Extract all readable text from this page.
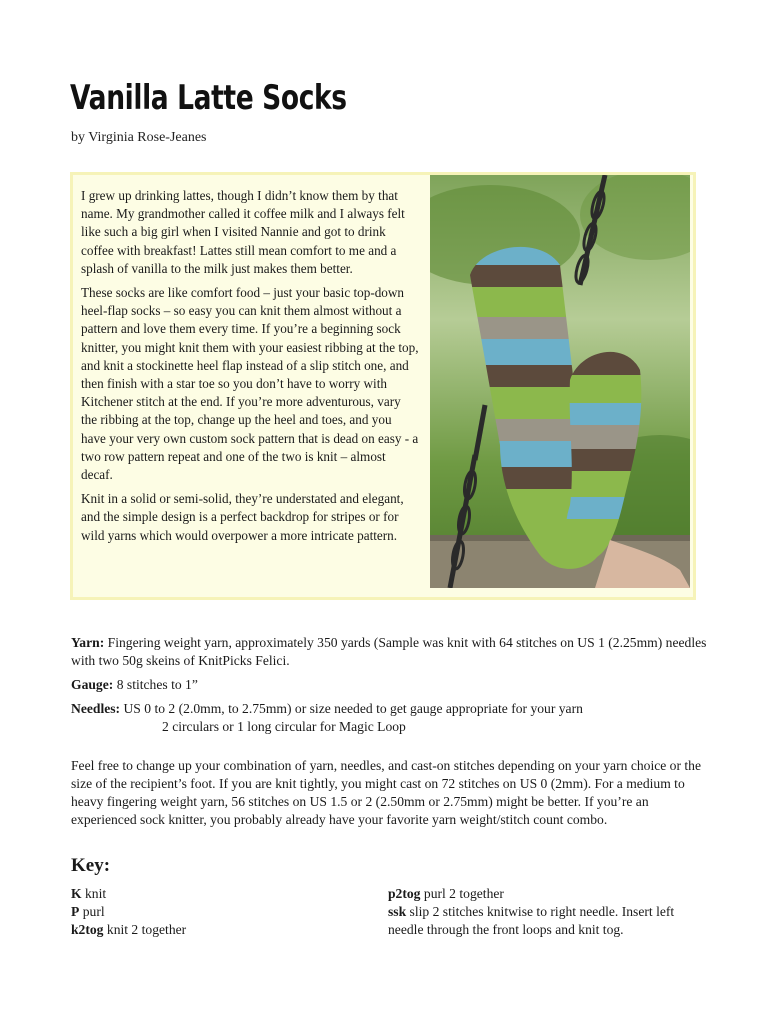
Vanilla Latte Socks

by Virginia Rose-Jeanes

I grew up drinking lattes, though I didn’t know them by that name. My grandmother called it coffee milk and I always felt like such a big girl when I visited Nannie and got to drink coffee with breakfast! Lattes still mean comfort to me and a splash of vanilla to the milk just makes them better.

These socks are like comfort food – just your basic top-down heel-flap socks – so easy you can knit them almost without a pattern and love them every time. If you’re a beginning sock knitter, you might knit them with your easiest ribbing at the top, and knit a stockinette heel flap instead of a slip stitch one, and then finish with a star toe so you don’t have to worry with Kitchener stitch at the end. If you’re more adventurous, vary the ribbing at the top, change up the heel and toes, and you have your very own custom sock pattern that is dead on easy - a two row pattern repeat and one of the two is knit – almost decaf.

Knit in a solid or semi-solid, they’re understated and elegant, and the simple design is a perfect backdrop for stripes or for wild yarns which would overpower a more intricate pattern.

Yarn: Fingering weight yarn, approximately 350 yards (Sample was knit with 64 stitches on US 1 (2.25mm) needles with two 50g skeins of KnitPicks Felici.

Gauge: 8 stitches to 1”

Needles: US 0 to 2 (2.0mm, to 2.75mm) or size needed to get gauge appropriate for your yarn
2 circulars or 1 long circular for Magic Loop

Feel free to change up your combination of yarn, needles, and cast-on stitches depending on your yarn choice or the size of the recipient’s foot. If you are knit tightly, you might cast on 72 stitches on US 0 (2mm). For a medium to heavy fingering weight yarn, 56 stitches on US 1.5 or 2 (2.50mm or 2.75mm) might be better. If you’re an experienced sock knitter, you probably already have your favorite yarn weight/stitch count combo.

Key:
K knit
P purl
k2tog knit 2 together
p2tog purl 2 together
ssk slip 2 stitches knitwise to right needle. Insert left needle through the front loops and knit tog.
